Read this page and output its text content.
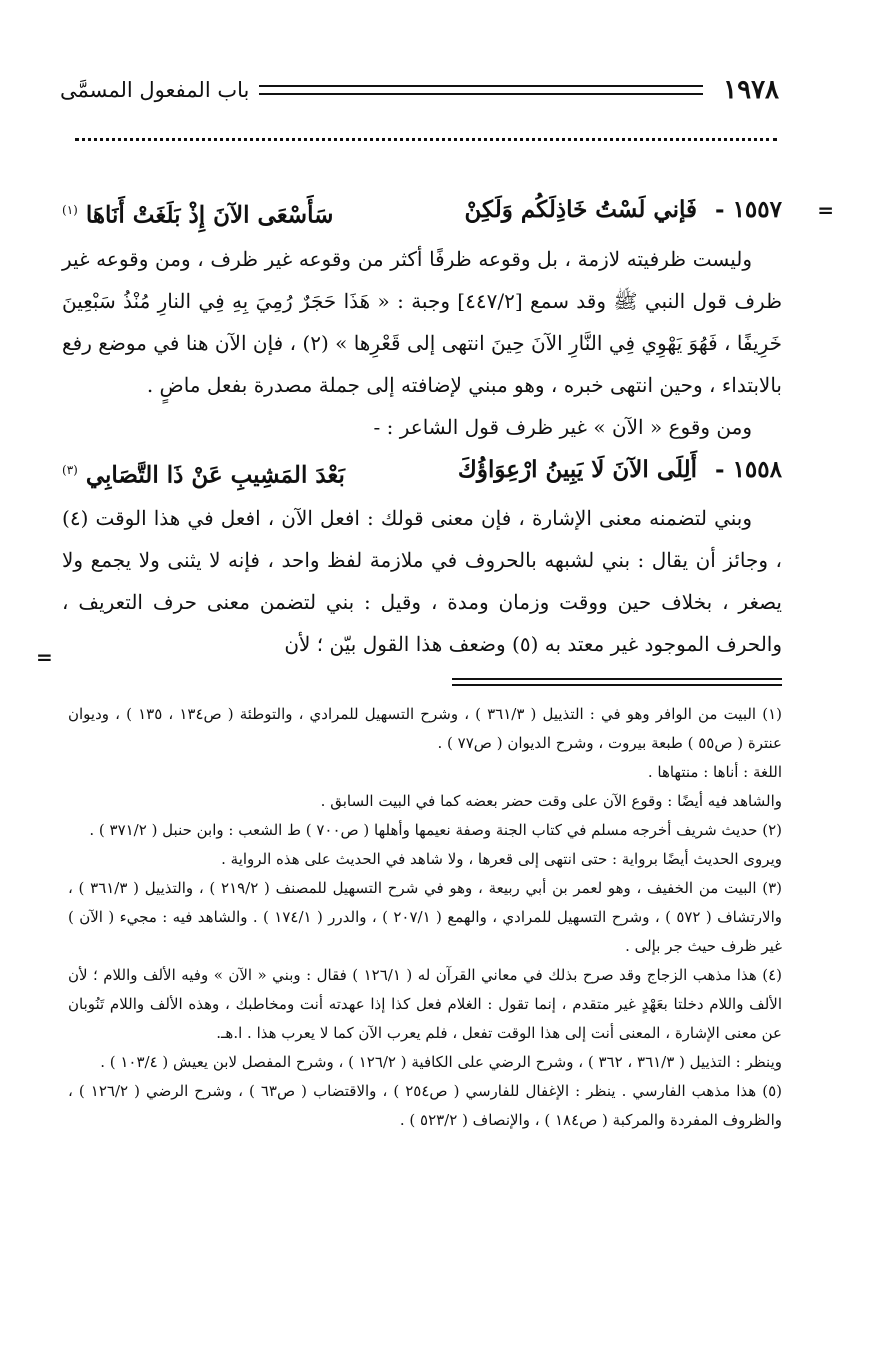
١٩٧٨
باب المفعول المسمَّى
=
١٥٥٧ - فَإني لَسْتُ خَاذِلَكُم وَلَكِنْ
سَأَسْعَى الآنَ إِذْ بَلَغَتْ أَنَاهَا $^{(١)}$

وليست ظرفيته لازمة ، بل وقوعه ظرفًا أكثر من وقوعه غير ظرف ، ومن وقوعه غير ظرف قول النبي ﷺ وقد سمع [٤٤٧/٢] وجبة : « هَذَا حَجَرٌ رُمِيَ بِهِ فِي النارِ مُنْذُ سَبْعِينَ خَرِيفًا ، فَهُوَ يَهْوِي فِي النَّارِ الآنَ حِينَ انتهى إلى قَعْرِها » (٢) ، فإن الآن هنا في موضع رفع بالابتداء ، وحين انتهى خبره ، وهو مبني لإضافته إلى جملة مصدرة بفعل ماضٍ .

ومن وقوع « الآن » غير ظرف قول الشاعر : -

١٥٥٨ - أَلِلَى الآنَ لَا يَبِينُ ارْعِوَاؤُكَ
بَعْدَ المَشِيبِ عَنْ ذَا التَّصَابِي $^{(٣)}$

وبني لتضمنه معنى الإشارة ، فإن معنى قولك : افعل الآن ، افعل في هذا الوقت (٤) ، وجائز أن يقال : بني لشبهه بالحروف في ملازمة لفظ واحد ، فإنه لا يثنى ولا يجمع ولا يصغر ، بخلاف حين ووقت وزمان ومدة ، وقيل : بني لتضمن معنى حرف التعريف ، والحرف الموجود غير معتد به (٥) وضعف هذا القول بيّن ؛ لأن

=

(١) البيت من الوافر وهو في : التذييل ( ٣٦١/٣ ) ، وشرح التسهيل للمرادي ، والتوطئة ( ص١٣٤ ، ١٣٥ ) ، وديوان عنترة ( ص٥٥ ) طبعة بيروت ، وشرح الديوان ( ص٧٧ ) .

اللغة : أناها : منتهاها .

والشاهد فيه أيضًا : وقوع الآن على وقت حضر بعضه كما في البيت السابق .

(٢) حديث شريف أخرجه مسلم في كتاب الجنة وصفة نعيمها وأهلها ( ص٧٠٠ ) ط الشعب : وابن حنبل ( ٣٧١/٢ ) .

ويروى الحديث أيضًا برواية : حتى انتهى إلى قعرها ، ولا شاهد في الحديث على هذه الرواية .

(٣) البيت من الخفيف ، وهو لعمر بن أبي ربيعة ، وهو في شرح التسهيل للمصنف ( ٢١٩/٢ ) ، والتذييل ( ٣٦١/٣ ) ، والارتشاف ( ٥٧٢ ) ، وشرح التسهيل للمرادي ، والهمع ( ٢٠٧/١ ) ، والدرر ( ١٧٤/١ ) . والشاهد فيه : مجيء ( الآن ) غير ظرف حيث جر بإلى .

(٤) هذا مذهب الزجاج وقد صرح بذلك في معاني القرآن له ( ١٢٦/١ ) فقال : وبني « الآن » وفيه الألف واللام ؛ لأن الألف واللام دخلتا بعَهْدٍ غير متقدم ، إنما تقول : الغلام فعل كذا إذا عهدته أنت ومخاطبك ، وهذه الألف واللام تَنُوبان عن معنى الإشارة ، المعنى أنت إلى هذا الوقت تفعل ، فلم يعرب الآن كما لا يعرب هذا . ا.هـ.

وينظر : التذييل ( ٣٦١/٣ ، ٣٦٢ ) ، وشرح الرضي على الكافية ( ١٢٦/٢ ) ، وشرح المفصل لابن يعيش ( ١٠٣/٤ ) .

(٥) هذا مذهب الفارسي . ينظر : الإغفال للفارسي ( ص٢٥٤ ) ، والاقتضاب ( ص٦٣ ) ، وشرح الرضي ( ١٢٦/٢ ) ، والظروف المفردة والمركبة ( ص١٨٤ ) ، والإنصاف ( ٥٢٣/٢ ) .
